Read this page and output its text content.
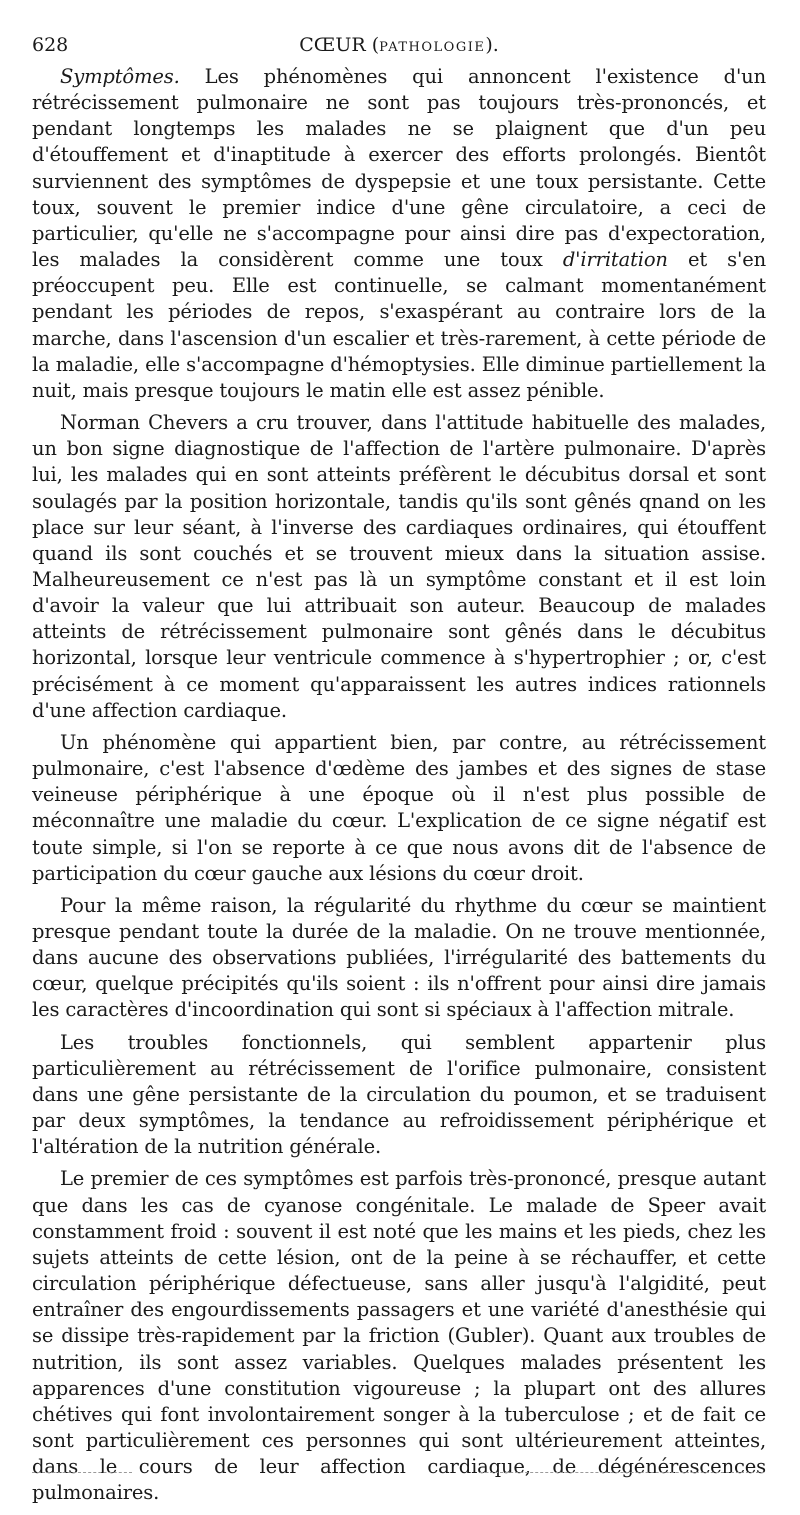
628	CŒUR (PATHOLOGIE).

Symptômes. Les phénomènes qui annoncent l'existence d'un rétrécissement pulmonaire ne sont pas toujours très-prononcés, et pendant longtemps les malades ne se plaignent que d'un peu d'étouffement et d'inaptitude à exercer des efforts prolongés. Bientôt surviennent des symptômes de dyspepsie et une toux persistante. Cette toux, souvent le premier indice d'une gêne circulatoire, a ceci de particulier, qu'elle ne s'accompagne pour ainsi dire pas d'expectoration, les malades la considèrent comme une toux d'irritation et s'en préoccupent peu. Elle est continuelle, se calmant momentanément pendant les périodes de repos, s'exaspérant au contraire lors de la marche, dans l'ascension d'un escalier et très-rarement, à cette période de la maladie, elle s'accompagne d'hémoptysies. Elle diminue partiellement la nuit, mais presque toujours le matin elle est assez pénible.

Norman Chevers a cru trouver, dans l'attitude habituelle des malades, un bon signe diagnostique de l'affection de l'artère pulmonaire. D'après lui, les malades qui en sont atteints préfèrent le décubitus dorsal et sont soulagés par la position horizontale, tandis qu'ils sont gênés qnand on les place sur leur séant, à l'inverse des cardiaques ordinaires, qui étouffent quand ils sont couchés et se trouvent mieux dans la situation assise. Malheureusement ce n'est pas là un symptôme constant et il est loin d'avoir la valeur que lui attribuait son auteur. Beaucoup de malades atteints de rétrécissement pulmonaire sont gênés dans le décubitus horizontal, lorsque leur ventricule commence à s'hypertrophier ; or, c'est précisément à ce moment qu'apparaissent les autres indices rationnels d'une affection cardiaque.

Un phénomène qui appartient bien, par contre, au rétrécissement pulmonaire, c'est l'absence d'œdème des jambes et des signes de stase veineuse périphérique à une époque où il n'est plus possible de méconnaître une maladie du cœur. L'explication de ce signe négatif est toute simple, si l'on se reporte à ce que nous avons dit de l'absence de participation du cœur gauche aux lésions du cœur droit.

Pour la même raison, la régularité du rhythme du cœur se maintient presque pendant toute la durée de la maladie. On ne trouve mentionnée, dans aucune des observations publiées, l'irrégularité des battements du cœur, quelque précipités qu'ils soient : ils n'offrent pour ainsi dire jamais les caractères d'incoordination qui sont si spéciaux à l'affection mitrale.

Les troubles fonctionnels, qui semblent appartenir plus particulièrement au rétrécissement de l'orifice pulmonaire, consistent dans une gêne persistante de la circulation du poumon, et se traduisent par deux symptômes, la tendance au refroidissement périphérique et l'altération de la nutrition générale.

Le premier de ces symptômes est parfois très-prononcé, presque autant que dans les cas de cyanose congénitale. Le malade de Speer avait constamment froid : souvent il est noté que les mains et les pieds, chez les sujets atteints de cette lésion, ont de la peine à se réchauffer, et cette circulation périphérique défectueuse, sans aller jusqu'à l'algidité, peut entraîner des engourdissements passagers et une variété d'anesthésie qui se dissipe très-rapidement par la friction (Gubler). Quant aux troubles de nutrition, ils sont assez variables. Quelques malades présentent les apparences d'une constitution vigoureuse ; la plupart ont des allures chétives qui font involontairement songer à la tuberculose ; et de fait ce sont particulièrement ces personnes qui sont ultérieurement atteintes, dans le cours de leur affection cardiaque, de dégénérescences pulmonaires.
